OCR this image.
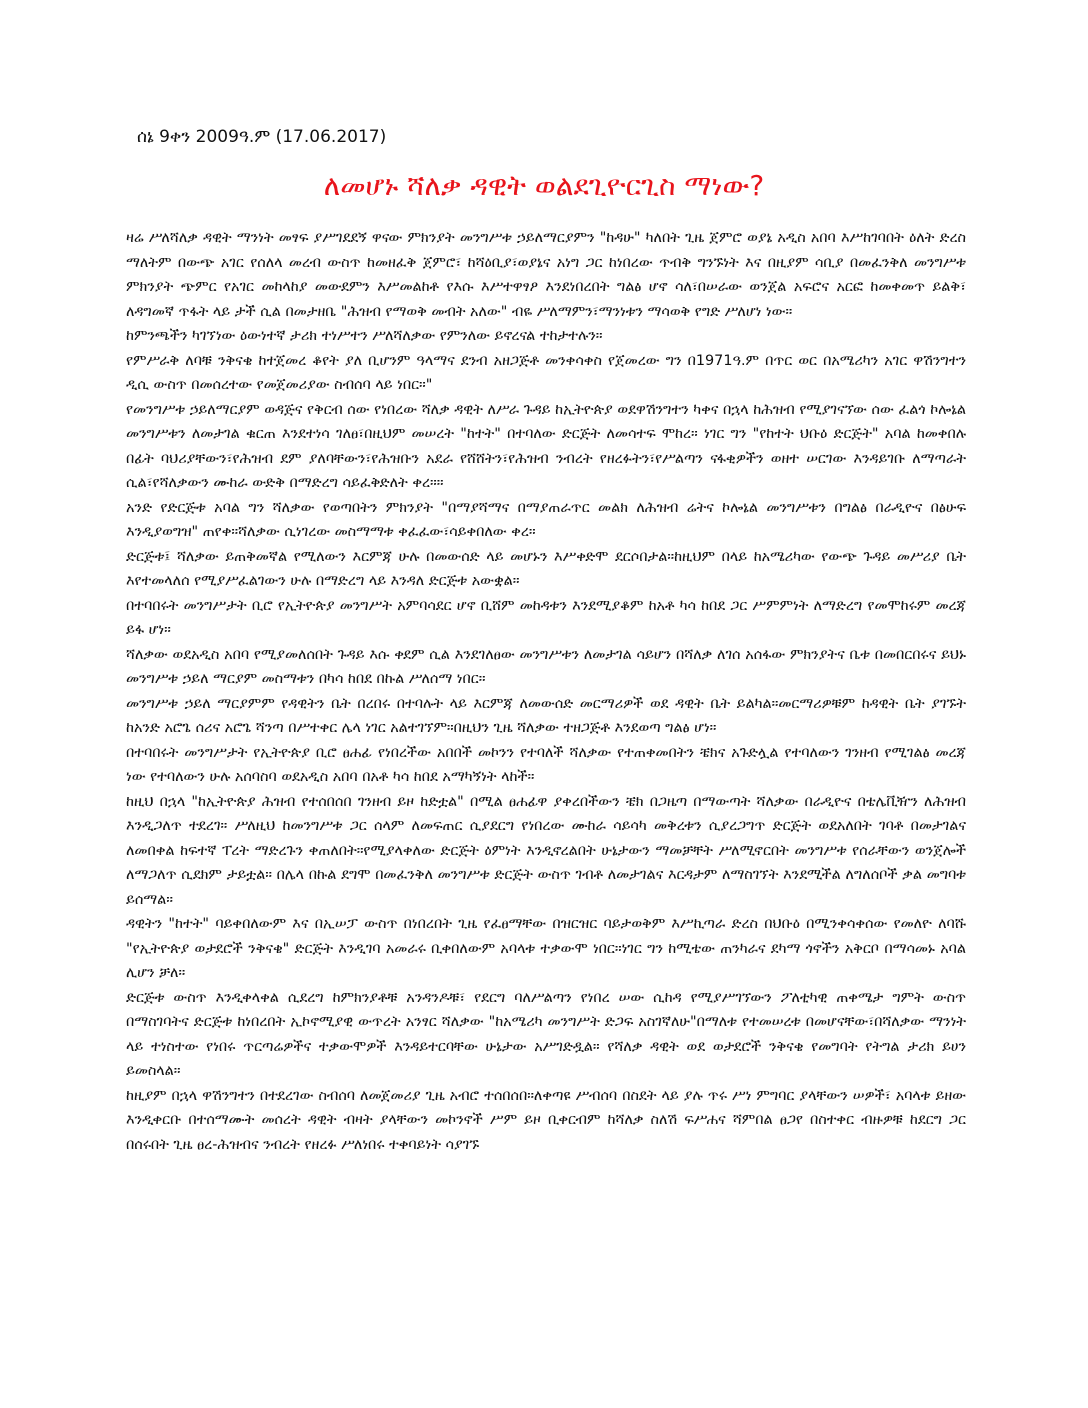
ሰኔ 9ቀን 2009ዓ.ም (17.06.2017)
ለመሆኑ ሻለቃ ዳዊት ወልደጊዮርጊስ ማነው?

ዛሬ ሥለሻለቃ ዳዊት ማንነት መፃፍ ያሥገደደኝ ዋናው ምክንያት መንግሥቱ ኃይለማርያምን "ከዳሁ" ካለበት ጊዜ ጀምሮ ወያኔ አዲስ አበባ እሥከገባበት ዕለት ድረስ ማለትም በውጭ አገር የሰለላ መረብ ውስጥ ከመዘፈቅ ጀምሮ፣ ከሻዕቢያ፣ወያኔና አነግ ጋር ከነበረው ጥብቅ ግንኙነት እና በዚያም ሳቢያ በመፈንቅለ መንግሥቱ ምክንያት ጭምር የአገር መከላከያ መውደምን እሥመልከቶ የእሱ እሥተዋፃዖ እንደነበረበት ግልፅ ሆኖ ሳለ፣በሠራው ወንጀል አፍሮና አርፎ ከመቀመጥ ይልቅ፣ ለዳግመኛ ጥፋት ላይ ታች ሲል በመታዘቤ "ሕዝብ የማወቅ መብት አለው" ብዬ ሥለማምን፣ማንነቱን ማሳወቅ የግድ ሥለሆነ ነው።

ከምንጫችን ካገኘነው ዕውነተኛ ታሪክ ተነሥተን ሥለሻለቃው የምንለው ይኖረናል ተከታተሉን።

የምሥራቅ ለባቹ ንቅናቄ ከተጀመረ ቆየት ያለ ቢሆንም ዓላማና ደንብ አዘጋጅቶ መንቀሳቀስ የጀመረው ግን በ1971ዓ.ም በጥር ወር በአሜሪካን አገር ዋሽንግተን ዲሲ ውስጥ በመሰረተው የመጀመሪያው ስብሰባ ላይ ነበር።"

የመንግሥቱ ኃይለማርያም ወዳጅና የቅርብ ሰው የነበረው ሻለቃ ዳዊት ለሥራ ጉዳይ ከኢትዮጵያ ወደዋሽንግተን ካቀና በኋላ ከሕዝብ የሚያገናኘው ሰው ፈልጎ ኮሎኔል መንግሥቱን ለመታገል ቁርጠ እንደተነሳ ገለፀ፣በዚህም መሠረት "ከተት" በተባለው ድርጅት ለመሳተፍ ሞከረ። ነገር ግን "የከተት ህቡዕ ድርጅት" አባል ከመቀበሉ በፊት ባህሪያቸውን፣የሕዝብ ደም ያለባቸውን፣የሕዝቡን አደራ የሸሸትን፣የሕዝብ ንብረት የዘረፉትን፣የሥልጣን ናፋቂዎችን ወዘተ ሠርገው እንዳይገቡ ለማጣራት ሲል፣የሻለቃውን ሙከራ ውድቅ በማድረግ ሳይፈቅድለት ቀረ።።

አንድ የድርጅቱ አባል ግን ሻለቃው የወጣበትን ምክንያት "በማያሻማና በማያጠራጥር መልክ ለሕዝብ ሬትና ኮሎኔል መንግሥቱን በግልፅ በራዲዮና በፅሁፍ እንዲያወግዝ" ጠየቀ።ሻለቃው ሲነገረው መስማማቱ ቀፈፈው፣ሳይቀበለው ቀረ።

ድርጅቱ፤ ሻለቃው ይጠቅመኛል የሚለውን እርምጃ ሁሉ በመውሰድ ላይ መሆኑን እሥቀድሞ ደርሶበታል።ከዚህም በላይ ከአሜሪካው የውጭ ጉዳይ መሥሪያ ቤት እየተመላለሰ የሚያሥፈልገውን ሁሉ በማድረግ ላይ እንዳለ ድርጅቱ አውቋል።

በተባበሩት መንግሥታት ቢሮ የኢትዮጵያ መንግሥት አምባሳደር ሆኖ ቢሸም መከዳቱን እንደሚያቆም ከአቶ ካሳ ከበደ ጋር ሥምምነት ለማድረግ የመሞከሩም መረጃ ይፋ ሆነ።

ሻለቃው ወደአዲስ አበባ የሚያመለሰበት ጉዳይ እሱ ቀደም ሲል እንደገለፀው መንግሥቱን ለመታገል ሳይሆን በሻለቃ ለገሰ አሰፋው ምክንያትና ቤቱ በመበርበሩና ይህኑ መንግሥቱ ኃይለ ማርያም መስማቱን በካሳ ከበደ በኩል ሥለሰማ ነበር።

መንግሥቱ ኃይለ ማርያምም የዳዊትን ቤት በረበሩ በተባሉት ላይ እርምጃ ለመውሰድ መርማሪዎች ወደ ዳዊት ቤት ይልካል።መርማሪዎቹም ከዳዊት ቤት ያገኙት ከአንድ አሮጌ ሰሪና አሮጌ ሻንጣ በሥተቀር ሌላ ነገር አልተገኘም።በዚህን ጊዜ ሻለቃው ተዘጋጅቶ እንደወጣ ግልፅ ሆነ።

በተባበሩት መንግሥታት የኢትዮጵያ ቢሮ ፀሐፊ የነበረችው አበበች መኮንን የተባለች ሻለቃው የተጠቀመበትን ቼክና አጉድሏል የተባለውን ገንዘብ የሚገልፅ መረጃ ነው የተባለውን ሁሉ አሰባስባ ወደአዲስ አበባ በአቶ ካሳ ከበደ አማካኝነት ላከች።

ከዚህ በኋላ "ከኢትዮጵያ ሕዝብ የተሰበሰበ ገንዘብ ይዞ ከድቷል" በሚል ፀሐፊዋ ያቀረበችውን ቼክ በጋዜጣ በማውጣት ሻለቃው በራዲዮና በቴሌቪዥን ለሕዝብ እንዲጋለጥ ተደረገ። ሥለዚህ ከመንግሥቱ ጋር ሰላም ለመፍጠር ሲያደርግ የነበረው ሙከራ ሳይሳካ መቅረቱን ሲያረጋግጥ ድርጅት ወደአለበት ገባቶ በመታገልና ለመበቀል ከፍተኛ ፐረት ማድረጉን ቀጠለበት።የሚያላቀለው ድርጅት ዕምነት እንዲኖረልበት ሁኔታውን ማመቻቸት ሥለሚኖርበት መንግሥቱ የሰራቸውን ወንጀሎች ለማጋለጥ ሲደክም ታይቷል። በሌላ በኩል ደግሞ በመፈንቅለ መንግሥቱ ድርጅት ውስጥ ገብቶ ለመታገልና እርዳታም ለማስገኘት እንደሚችል ለግለሰቦች ቃል መግባቱ ይሰማል።

ዳዊትን "ከተት" ባይቀበለውም እና በኢሠፓ ውስጥ በነበረበት ጊዜ የፈፀማቸው በዝርዝር ባይታወቅም እሥኪጣራ ድረስ በህቡዕ በሚንቀሳቀሰው የመለዮ ለባሹ "የኢትዮጵያ ወታደሮች ንቅናቄ" ድርጅት እንዲገባ አመራሩ ቢቀበለውም አባላቱ ተቃውሞ ነበር።ነገር ግን ከሚቴው ጠንካራና ደካማ ጎኖችን አቅርቦ በማሳመኑ አባል ሊሆን ቻለ።

ድርጅቱ ውስጥ እንዲቀላቀል ሲደረግ ከምክንያቶቹ አንዳንዶቹ፣ የደርግ ባለሥልጣን የነበረ ሠው ሲከዳ የሚያሥገኘውን ፖለቲካዊ ጠቀሜታ ግምት ውስጥ በማስገባትና ድርጅቱ ከነበረበት ኢኮኖሚያዊ ውጥረት አንፃር ሻለቃው "ከአሜሪካ መንግሥት ድጋፍ አስገኛለሁ"በማለቱ የተመሠረቱ በመሆናቸው፣በሻለቃው ማንነት ላይ ተነስተው የነበሩ ጥርጣሬዎችና ተቃውሞዎች እንዳይተርባቸው ሁኔታው አሥገድዷል። የሻለቃ ዳዊት ወደ ወታደሮች ንቅናቄ የመግባት የትግል ታሪክ ይሀን ይመስላል።

ከዚያም በኋላ ዋሽንግተን በተደረገው ስብሰባ ለመጀመሪያ ጊዜ አብሮ ተሰበሰበ።ለቀጣዩ ሥብሰባ በስደት ላይ ያሉ ጥሩ ሥነ ምግባር ያላቸውን ሠዎች፣ አባላቱ ይዘው እንዲቀርቡ በተሰማሙት መሰረት ዳዊት ብዛት ያላቸውን መኮንኖች ሥም ይዞ ቢቀርብም ከሻለቃ ስለሽ ፍሥሐና ሻምበል ፀጋየ በስተቀር ብዙዎቹ ከደርግ ጋር በሰሩበት ጊዜ ፀረ-ሕዝብና ንብረት የዘረፉ ሥለነበሩ ተቀባይነት ሳያገኙ
